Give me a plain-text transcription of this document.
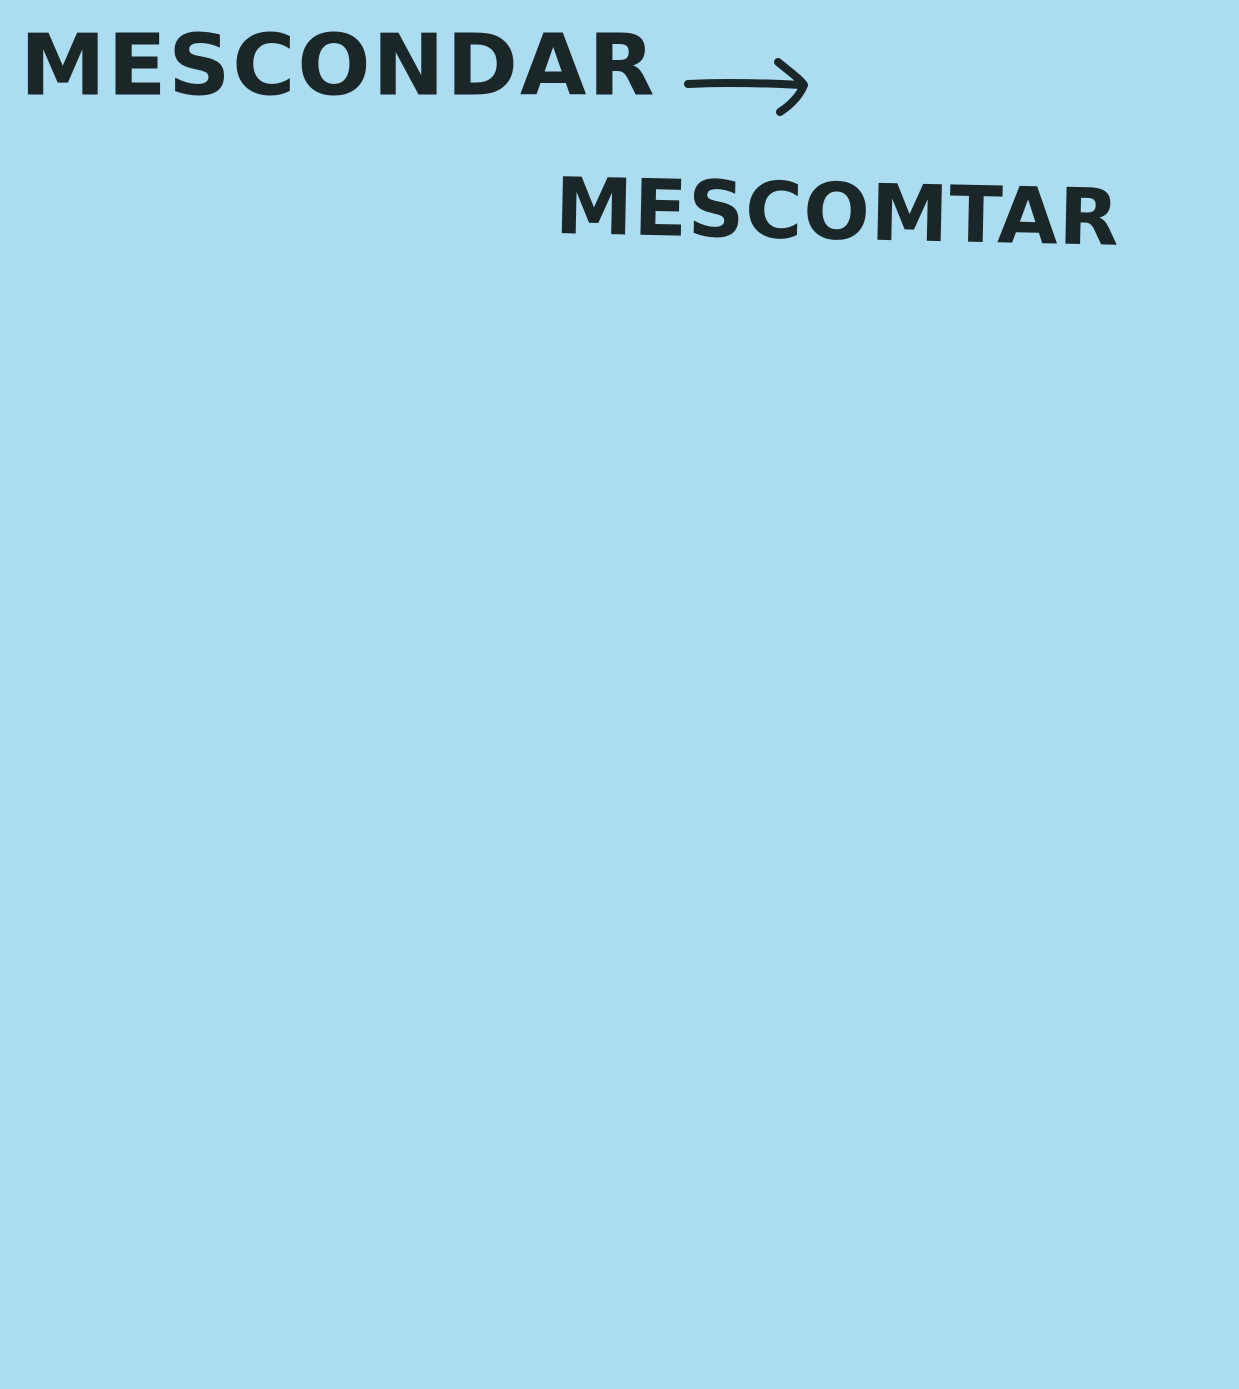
MESCONDAR
MESCOMTAR
